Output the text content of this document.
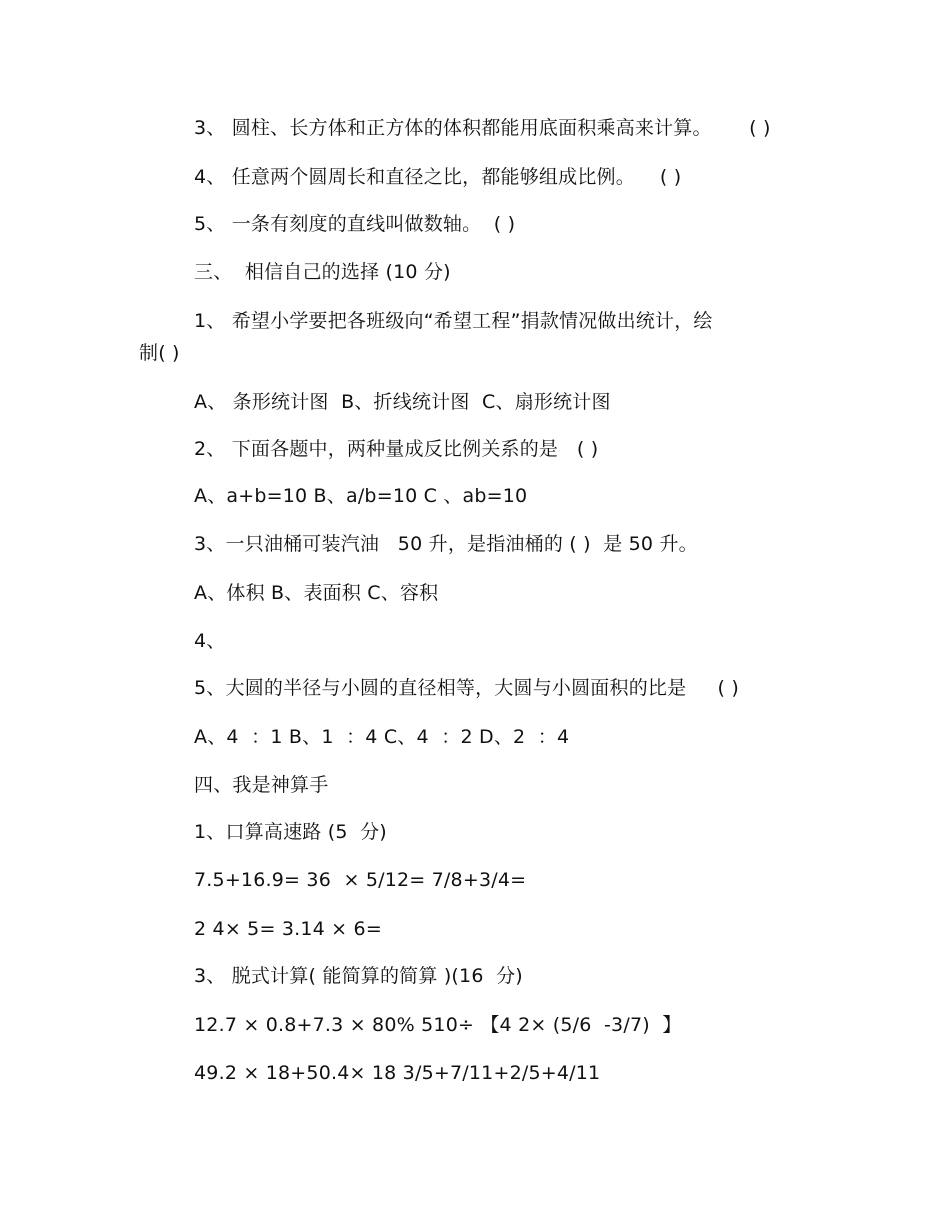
3、 圆柱、长方体和正方体的体积都能用底面积乘高来计算。      ( )
4、 任意两个圆周长和直径之比，都能够组成比例。    ( )
5、 一条有刻度的直线叫做数轴。  ( )
三、  相信自己的选择 (10 分)
1、 希望小学要把各班级向“希望工程”捐款情况做出统计，绘
制( )
A、 条形统计图  B、折线统计图  C、扇形统计图
2、 下面各题中，两种量成反比例关系的是   ( )
A、a+b=10 B、a/b=10 C 、ab=10
3、一只油桶可装汽油   50 升，是指油桶的 ( )  是 50 升。
A、体积 B、表面积 C、容积
4、
5、大圆的半径与小圆的直径相等，大圆与小圆面积的比是     ( )
A、4  ：1 B、1  ：4 C、4  ：2 D、2  ：4
四、我是神算手
1、口算高速路 (5  分)
7.5+16.9= 36  × 5/12= 7/8+3/4=
2 4× 5= 3.14 × 6=
3、 脱式计算( 能简算的简算 )(16  分)
12.7 × 0.8+7.3 × 80% 510÷ 【4 2× (5/6  -3/7)  】
49.2 × 18+50.4× 18 3/5+7/11+2/5+4/11
